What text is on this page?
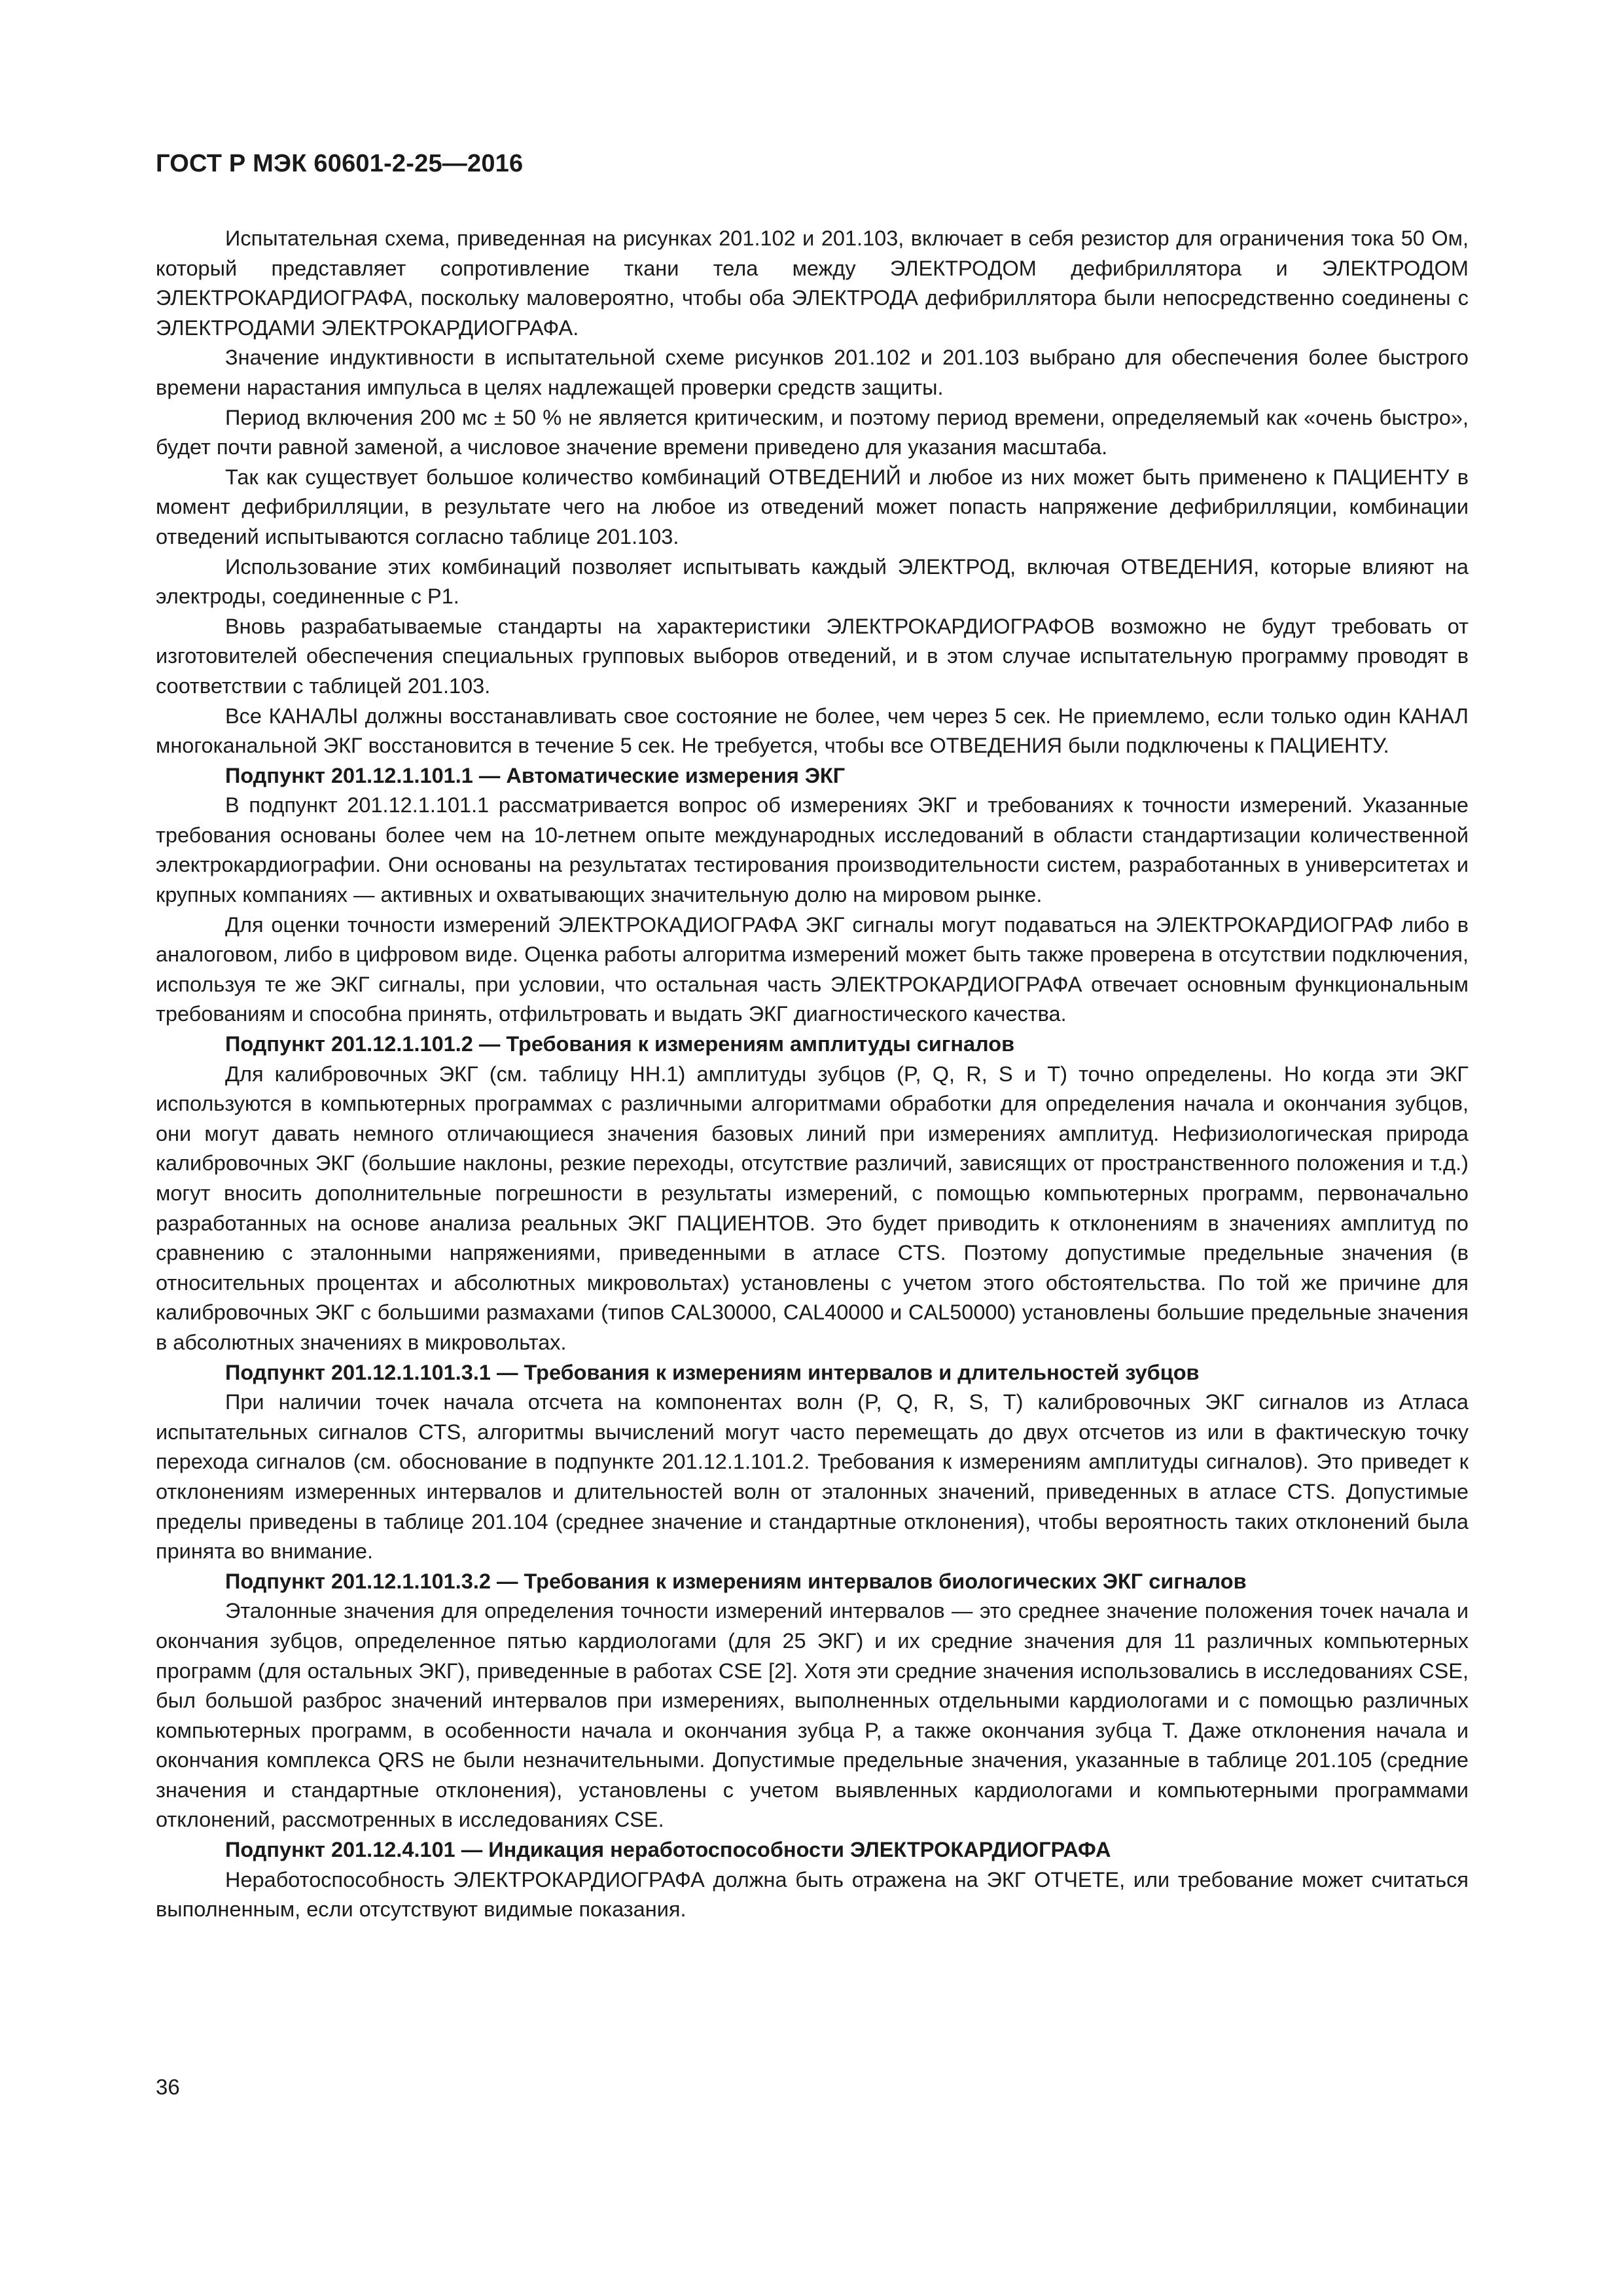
ГОСТ Р МЭК 60601-2-25—2016

Испытательная схема, приведенная на рисунках 201.102 и 201.103, включает в себя резистор для ограничения тока 50 Ом, который представляет сопротивление ткани тела между ЭЛЕКТРОДОМ дефибриллятора и ЭЛЕКТРОДОМ ЭЛЕКТРОКАРДИОГРАФА, поскольку маловероятно, чтобы оба ЭЛЕКТРОДА дефибриллятора были непосредственно соединены с ЭЛЕКТРОДАМИ ЭЛЕКТРОКАРДИОГРАФА.

Значение индуктивности в испытательной схеме рисунков 201.102 и 201.103 выбрано для обеспечения более быстрого времени нарастания импульса в целях надлежащей проверки средств защиты.

Период включения 200 мс ± 50 % не является критическим, и поэтому период времени, определяемый как «очень быстро», будет почти равной заменой, а числовое значение времени приведено для указания масштаба.

Так как существует большое количество комбинаций ОТВЕДЕНИЙ и любое из них может быть применено к ПАЦИЕНТУ в момент дефибрилляции, в результате чего на любое из отведений может попасть напряжение дефибрилляции, комбинации отведений испытываются согласно таблице 201.103.

Использование этих комбинаций позволяет испытывать каждый ЭЛЕКТРОД, включая ОТВЕДЕНИЯ, которые влияют на электроды, соединенные с Р1.

Вновь разрабатываемые стандарты на характеристики ЭЛЕКТРОКАРДИОГРАФОВ возможно не будут требовать от изготовителей обеспечения специальных групповых выборов отведений, и в этом случае испытательную программу проводят в соответствии с таблицей 201.103.

Все КАНАЛЫ должны восстанавливать свое состояние не более, чем через 5 сек. Не приемлемо, если только один КАНАЛ многоканальной ЭКГ восстановится в течение 5 сек. Не требуется, чтобы все ОТВЕДЕНИЯ были подключены к ПАЦИЕНТУ.

Подпункт 201.12.1.101.1 — Автоматические измерения ЭКГ

В подпункт 201.12.1.101.1 рассматривается вопрос об измерениях ЭКГ и требованиях к точности измерений. Указанные требования основаны более чем на 10-летнем опыте международных исследований в области стандартизации количественной электрокардиографии. Они основаны на результатах тестирования производительности систем, разработанных в университетах и крупных компаниях — активных и охватывающих значительную долю на мировом рынке.

Для оценки точности измерений ЭЛЕКТРОКАДИОГРАФА ЭКГ сигналы могут подаваться на ЭЛЕКТРОКАРДИОГРАФ либо в аналоговом, либо в цифровом виде. Оценка работы алгоритма измерений может быть также проверена в отсутствии подключения, используя те же ЭКГ сигналы, при условии, что остальная часть ЭЛЕКТРОКАРДИОГРАФА отвечает основным функциональным требованиям и способна принять, отфильтровать и выдать ЭКГ диагностического качества.

Подпункт 201.12.1.101.2 — Требования к измерениям амплитуды сигналов

Для калибровочных ЭКГ (см. таблицу НН.1) амплитуды зубцов (P, Q, R, S и T) точно определены. Но когда эти ЭКГ используются в компьютерных программах с различными алгоритмами обработки для определения начала и окончания зубцов, они могут давать немного отличающиеся значения базовых линий при измерениях амплитуд. Нефизиологическая природа калибровочных ЭКГ (большие наклоны, резкие переходы, отсутствие различий, зависящих от пространственного положения и т.д.) могут вносить дополнительные погрешности в результаты измерений, с помощью компьютерных программ, первоначально разработанных на основе анализа реальных ЭКГ ПАЦИЕНТОВ. Это будет приводить к отклонениям в значениях амплитуд по сравнению с эталонными напряжениями, приведенными в атласе CTS. Поэтому допустимые предельные значения (в относительных процентах и абсолютных микровольтах) установлены с учетом этого обстоятельства. По той же причине для калибровочных ЭКГ с большими размахами (типов CAL30000, CAL40000 и CAL50000) установлены большие предельные значения в абсолютных значениях в микровольтах.

Подпункт 201.12.1.101.3.1 — Требования к измерениям интервалов и длительностей зубцов

При наличии точек начала отсчета на компонентах волн (P, Q, R, S, T) калибровочных ЭКГ сигналов из Атласа испытательных сигналов CTS, алгоритмы вычислений могут часто перемещать до двух отсчетов из или в фактическую точку перехода сигналов (см. обоснование в подпункте 201.12.1.101.2. Требования к измерениям амплитуды сигналов). Это приведет к отклонениям измеренных интервалов и длительностей волн от эталонных значений, приведенных в атласе CTS. Допустимые пределы приведены в таблице 201.104 (среднее значение и стандартные отклонения), чтобы вероятность таких отклонений была принята во внимание.

Подпункт 201.12.1.101.3.2 — Требования к измерениям интервалов биологических ЭКГ сигналов

Эталонные значения для определения точности измерений интервалов — это среднее значение положения точек начала и окончания зубцов, определенное пятью кардиологами (для 25 ЭКГ) и их средние значения для 11 различных компьютерных программ (для остальных ЭКГ), приведенные в работах CSE [2]. Хотя эти средние значения использовались в исследованиях CSE, был большой разброс значений интервалов при измерениях, выполненных отдельными кардиологами и с помощью различных компьютерных программ, в особенности начала и окончания зубца P, а также окончания зубца T. Даже отклонения начала и окончания комплекса QRS не были незначительными. Допустимые предельные значения, указанные в таблице 201.105 (средние значения и стандартные отклонения), установлены с учетом выявленных кардиологами и компьютерными программами отклонений, рассмотренных в исследованиях CSE.

Подпункт 201.12.4.101 — Индикация неработоспособности ЭЛЕКТРОКАРДИОГРАФА

Неработоспособность ЭЛЕКТРОКАРДИОГРАФА должна быть отражена на ЭКГ ОТЧЕТЕ, или требование может считаться выполненным, если отсутствуют видимые показания.

36
